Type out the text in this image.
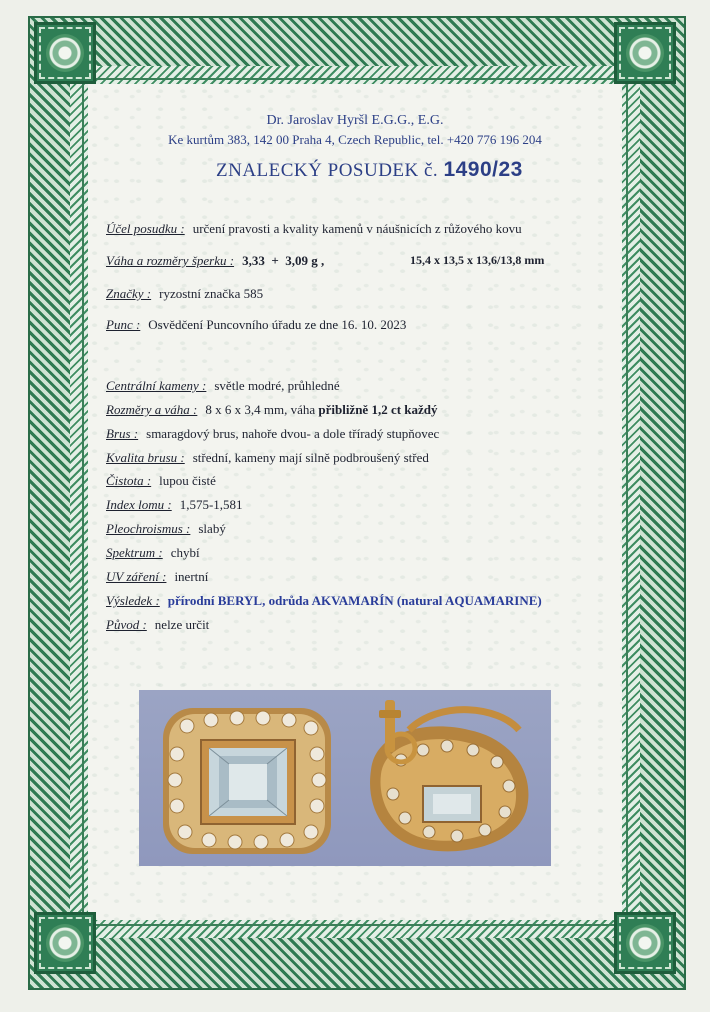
Dr. Jaroslav Hyršl E.G.G., E.G.
Ke kurtům 383, 142 00 Praha 4, Czech Republic, tel. +420 776 196 204
ZNALECKÝ POSUDEK č. 1490/23
Účel posudku : určení pravosti a kvality kamenů v náušnicích z růžového kovu
Váha a rozměry šperku : 3,33  +  3,09 g ,	15,4 x 13,5 x 13,6/13,8 mm
Značky : ryzostní značka 585
Punc : Osvědčení Puncovního úřadu ze dne 16. 10. 2023
Centrální kameny : světle modré, průhledné
Rozměry a váha : 8 x 6 x 3,4 mm, váha přibližně 1,2 ct každý
Brus : smaragdový brus, nahoře dvou- a dole tříradý stupňovec
Kvalita brusu : střední, kameny mají silně podbroušený střed
Čistota : lupou čisté
Index lomu : 1,575-1,581
Pleochroismus : slabý
Spektrum : chybí
UV záření : inertní
Výsledek : přírodní BERYL, odrůda AKVAMARÍN (natural AQUAMARINE)
Původ : nelze určit
